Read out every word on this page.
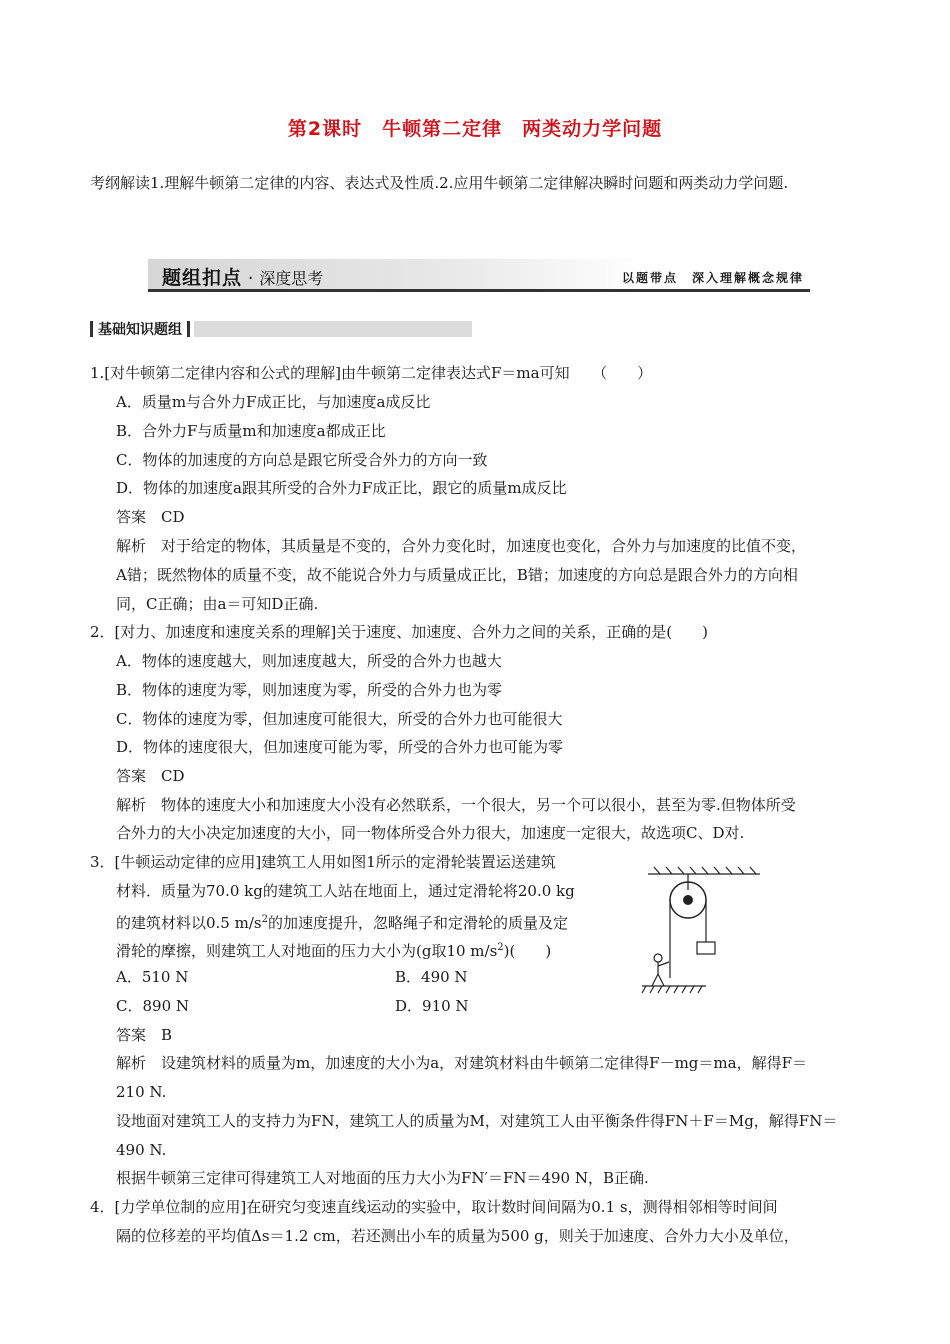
第2课时　牛顿第二定律　两类动力学问题
考纲解读1.理解牛顿第二定律的内容、表达式及性质.2.应用牛顿第二定律解决瞬时问题和两类动力学问题.
题组扣点 · 深度思考	以题带点　深入理解概念规律
基础知识题组
1.[对牛顿第二定律内容和公式的理解]由牛顿第二定律表达式F＝ma可知　　（　　）
A．质量m与合外力F成正比，与加速度a成反比
B．合外力F与质量m和加速度a都成正比
C．物体的加速度的方向总是跟它所受合外力的方向一致
D．物体的加速度a跟其所受的合外力F成正比，跟它的质量m成反比
答案　CD
解析　对于给定的物体，其质量是不变的，合外力变化时，加速度也变化，合外力与加速度的比值不变，
A错；既然物体的质量不变，故不能说合外力与质量成正比，B错；加速度的方向总是跟合外力的方向相
同，C正确；由a＝可知D正确.
2．[对力、加速度和速度关系的理解]关于速度、加速度、合外力之间的关系，正确的是(　　)
A．物体的速度越大，则加速度越大，所受的合外力也越大
B．物体的速度为零，则加速度为零，所受的合外力也为零
C．物体的速度为零，但加速度可能很大，所受的合外力也可能很大
D．物体的速度很大，但加速度可能为零，所受的合外力也可能为零
答案　CD
解析　物体的速度大小和加速度大小没有必然联系，一个很大，另一个可以很小，甚至为零.但物体所受
合外力的大小决定加速度的大小，同一物体所受合外力很大，加速度一定很大，故选项C、D对.
3．[牛顿运动定律的应用]建筑工人用如图1所示的定滑轮装置运送建筑
材料．质量为70.0 kg的建筑工人站在地面上，通过定滑轮将20.0 kg
的建筑材料以0.5 $m/s^2$的加速度提升，忽略绳子和定滑轮的质量及定
滑轮的摩擦，则建筑工人对地面的压力大小为(g取10 $m/s^2$)(　　)
A．510 N	B．490 N
C．890 N	D．910 N
答案　B
解析　设建筑材料的质量为m，加速度的大小为a，对建筑材料由牛顿第二定律得F－mg＝ma，解得F＝
210 N.
设地面对建筑工人的支持力为FN，建筑工人的质量为M，对建筑工人由平衡条件得FN＋F＝Mg，解得FN＝
490 N.
根据牛顿第三定律可得建筑工人对地面的压力大小为FN′＝FN＝490 N，B正确.
4．[力学单位制的应用]在研究匀变速直线运动的实验中，取计数时间间隔为0.1 s，测得相邻相等时间间
隔的位移差的平均值Δs＝1.2 cm，若还测出小车的质量为500 g，则关于加速度、合外力大小及单位，
